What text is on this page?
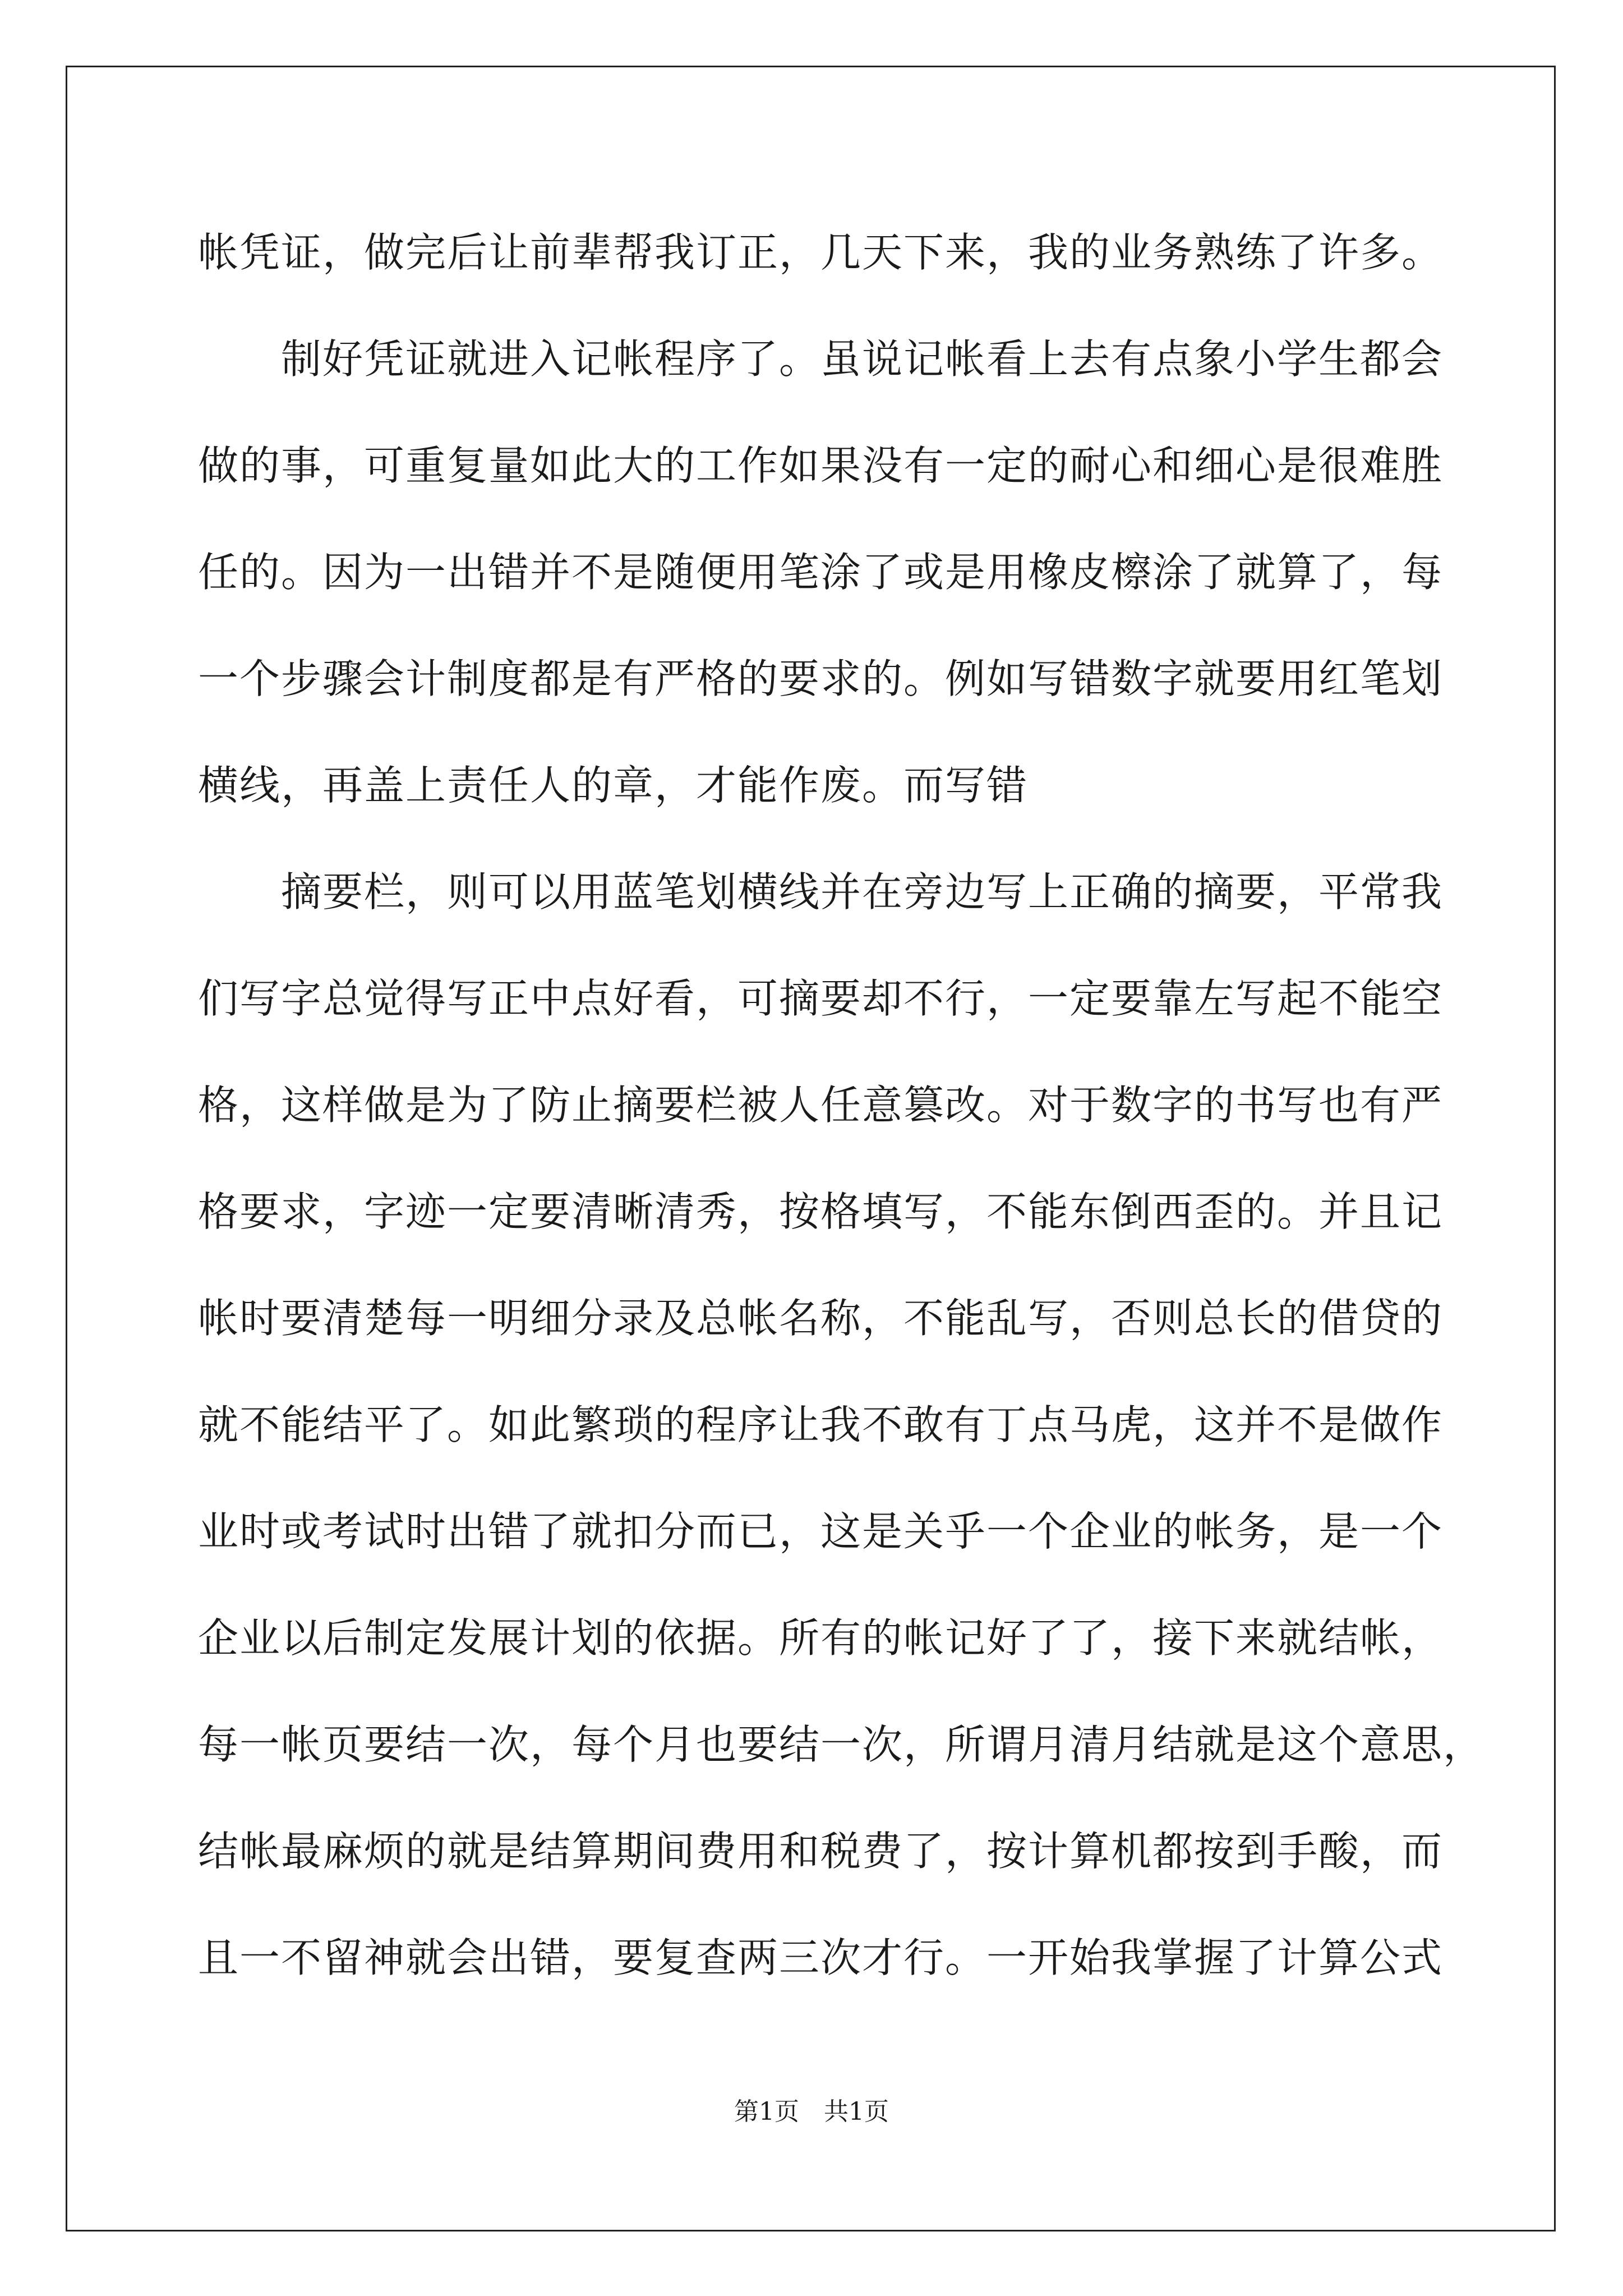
帐凭证，做完后让前辈帮我订正，几天下来，我的业务熟练了许多。
　　制好凭证就进入记帐程序了。虽说记帐看上去有点象小学生都会
做的事，可重复量如此大的工作如果没有一定的耐心和细心是很难胜
任的。因为一出错并不是随便用笔涂了或是用橡皮檫涂了就算了，每
一个步骤会计制度都是有严格的要求的。例如写错数字就要用红笔划
横线，再盖上责任人的章，才能作废。而写错
　　摘要栏，则可以用蓝笔划横线并在旁边写上正确的摘要，平常我
们写字总觉得写正中点好看，可摘要却不行，一定要靠左写起不能空
格，这样做是为了防止摘要栏被人任意篡改。对于数字的书写也有严
格要求，字迹一定要清晰清秀，按格填写，不能东倒西歪的。并且记
帐时要清楚每一明细分录及总帐名称，不能乱写，否则总长的借贷的
就不能结平了。如此繁琐的程序让我不敢有丁点马虎，这并不是做作
业时或考试时出错了就扣分而已，这是关乎一个企业的帐务，是一个
企业以后制定发展计划的依据。所有的帐记好了了，接下来就结帐，
每一帐页要结一次，每个月也要结一次，所谓月清月结就是这个意思，
结帐最麻烦的就是结算期间费用和税费了，按计算机都按到手酸，而
且一不留神就会出错，要复查两三次才行。一开始我掌握了计算公式
第1页　共1页
